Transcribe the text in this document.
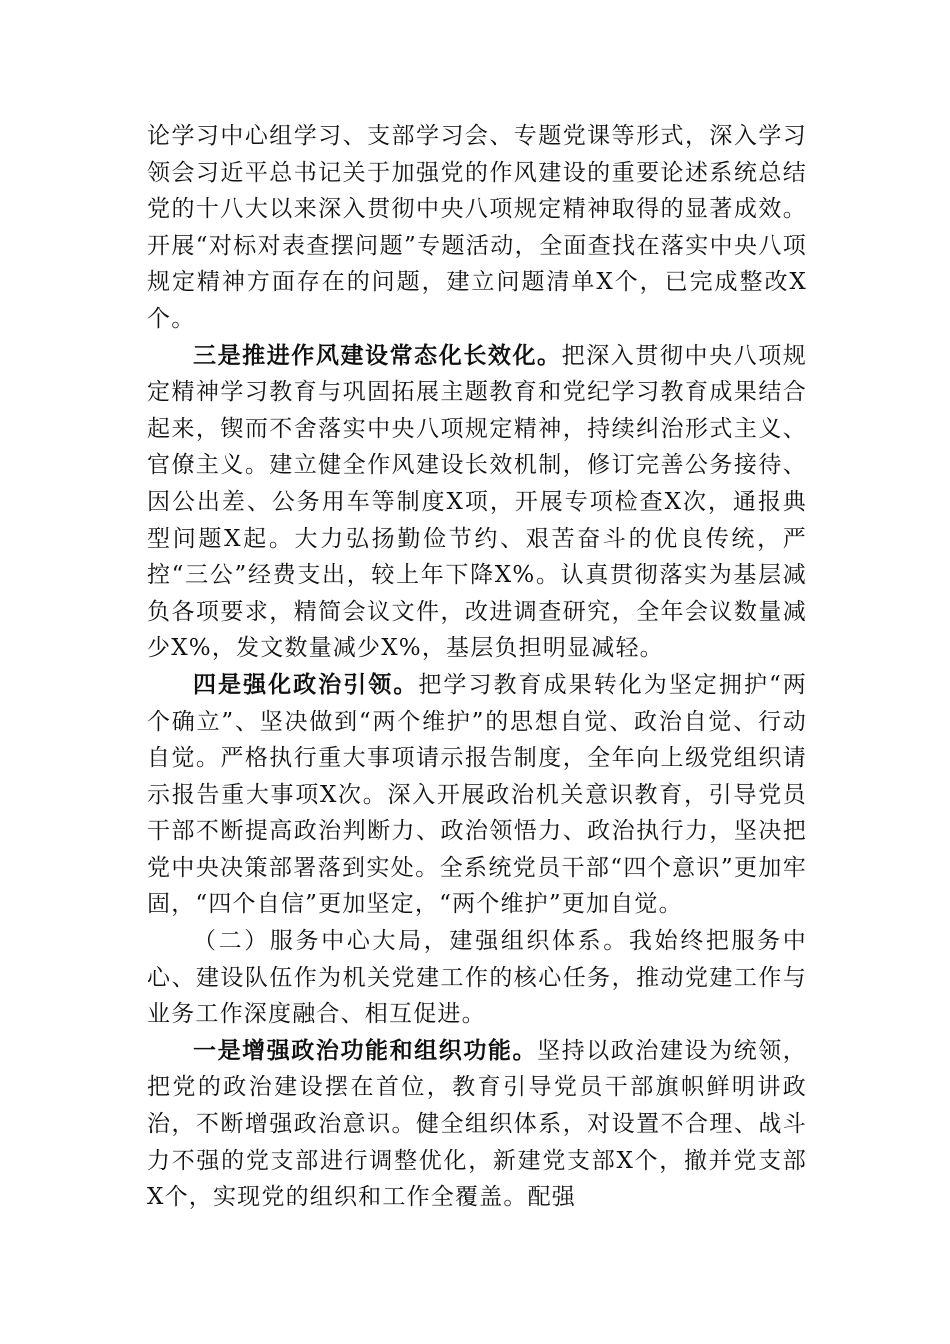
论学习中心组学习、支部学习会、专题党课等形式，深入学习领会习近平总书记关于加强党的作风建设的重要论述系统总结党的十八大以来深入贯彻中央八项规定精神取得的显著成效。开展“对标对表查摆问题”专题活动，全面查找在落实中央八项规定精神方面存在的问题，建立问题清单X个，已完成整改X个。

三是推进作风建设常态化长效化。把深入贯彻中央八项规定精神学习教育与巩固拓展主题教育和党纪学习教育成果结合起来，锲而不舍落实中央八项规定精神，持续纠治形式主义、官僚主义。建立健全作风建设长效机制，修订完善公务接待、因公出差、公务用车等制度X项，开展专项检查X次，通报典型问题X起。大力弘扬勤俭节约、艰苦奋斗的优良传统，严控“三公”经费支出，较上年下降X%。认真贯彻落实为基层减负各项要求，精简会议文件，改进调查研究，全年会议数量减少X%，发文数量减少X%，基层负担明显减轻。

四是强化政治引领。把学习教育成果转化为坚定拥护“两个确立”、坚决做到“两个维护”的思想自觉、政治自觉、行动自觉。严格执行重大事项请示报告制度，全年向上级党组织请示报告重大事项X次。深入开展政治机关意识教育，引导党员干部不断提高政治判断力、政治领悟力、政治执行力，坚决把党中央决策部署落到实处。全系统党员干部“四个意识”更加牢固，“四个自信”更加坚定，“两个维护”更加自觉。

（二）服务中心大局，建强组织体系。我始终把服务中心、建设队伍作为机关党建工作的核心任务，推动党建工作与业务工作深度融合、相互促进。

一是增强政治功能和组织功能。坚持以政治建设为统领，把党的政治建设摆在首位，教育引导党员干部旗帜鲜明讲政治，不断增强政治意识。健全组织体系，对设置不合理、战斗力不强的党支部进行调整优化，新建党支部X个，撤并党支部X个，实现党的组织和工作全覆盖。配强
